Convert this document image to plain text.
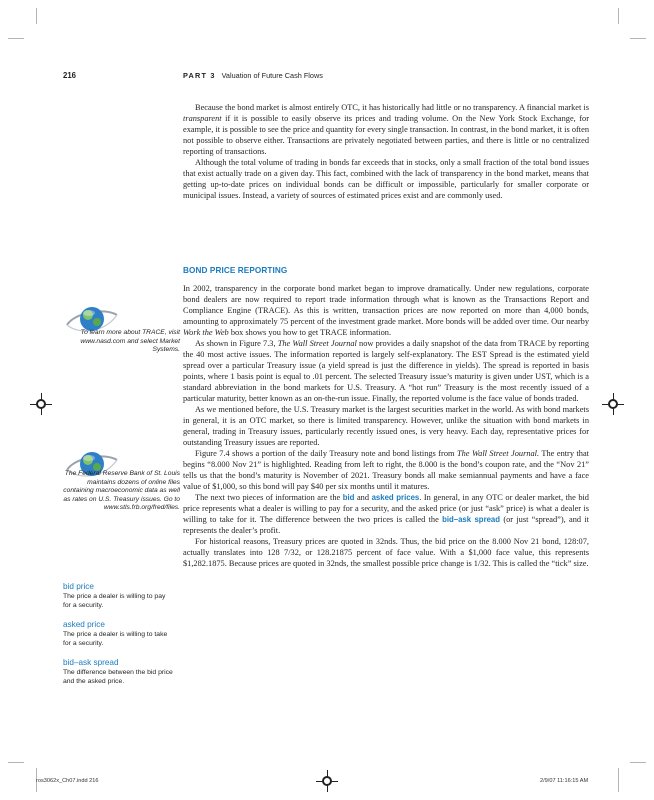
216	PART 3 Valuation of Future Cash Flows

Because the bond market is almost entirely OTC, it has historically had little or no transparency. A financial market is transparent if it is possible to easily observe its prices and trading volume. On the New York Stock Exchange, for example, it is possible to see the price and quantity for every single transaction. In contrast, in the bond market, it is often not possible to observe either. Transactions are privately negotiated between parties, and there is little or no centralized reporting of transactions.

Although the total volume of trading in bonds far exceeds that in stocks, only a small fraction of the total bond issues that exist actually trade on a given day. This fact, combined with the lack of transparency in the bond market, means that getting up-to-date prices on individual bonds can be difficult or impossible, particularly for smaller corporate or municipal issues. Instead, a variety of sources of estimated prices exist and are commonly used.

BOND PRICE REPORTING

In 2002, transparency in the corporate bond market began to improve dramatically. Under new regulations, corporate bond dealers are now required to report trade information through what is known as the Transactions Report and Compliance Engine (TRACE). As this is written, transaction prices are now reported on more than 4,000 bonds, amounting to approximately 75 percent of the investment grade market. More bonds will be added over time. Our nearby Work the Web box shows you how to get TRACE information.

As shown in Figure 7.3, The Wall Street Journal now provides a daily snapshot of the data from TRACE by reporting the 40 most active issues. The information reported is largely self-explanatory. The EST Spread is the estimated yield spread over a particular Treasury issue (a yield spread is just the difference in yields). The spread is reported in basis points, where 1 basis point is equal to .01 percent. The selected Treasury issue’s maturity is given under UST, which is a standard abbreviation in the bond markets for U.S. Treasury. A “hot run” Treasury is the most recently issued of a particular maturity, better known as an on-the-run issue. Finally, the reported volume is the face value of bonds traded.

As we mentioned before, the U.S. Treasury market is the largest securities market in the world. As with bond markets in general, it is an OTC market, so there is limited transparency. However, unlike the situation with bond markets in general, trading in Treasury issues, particularly recently issued ones, is very heavy. Each day, representative prices for outstanding Treasury issues are reported.

Figure 7.4 shows a portion of the daily Treasury note and bond listings from The Wall Street Journal. The entry that begins “8.000 Nov 21” is highlighted. Reading from left to right, the 8.000 is the bond’s coupon rate, and the “Nov 21” tells us that the bond’s maturity is November of 2021. Treasury bonds all make semiannual payments and have a face value of $1,000, so this bond will pay $40 per six months until it matures.

The next two pieces of information are the bid and asked prices. In general, in any OTC or dealer market, the bid price represents what a dealer is willing to pay for a security, and the asked price (or just “ask” price) is what a dealer is willing to take for it. The difference between the two prices is called the bid–ask spread (or just “spread”), and it represents the dealer’s profit.

For historical reasons, Treasury prices are quoted in 32nds. Thus, the bid price on the 8.000 Nov 21 bond, 128:07, actually translates into 128 7/32, or 128.21875 percent of face value. With a $1,000 face value, this represents $1,282.1875. Because prices are quoted in 32nds, the smallest possible price change is 1/32. This is called the “tick” size.

To learn more about TRACE, visit www.nasd.com and select Market Systems.
The Federal Reserve Bank of St. Louis maintains dozens of online files containing macroeconomic data as well as rates on U.S. Treasury issues. Go to www.stls.frb.org/fred/files.
bid price
The price a dealer is willing to pay for a security.
asked price
The price a dealer is willing to take for a security.
bid–ask spread
The difference between the bid price and the asked price.
ros3062x_Ch07.indd 216	2/9/07 11:16:15 AM
